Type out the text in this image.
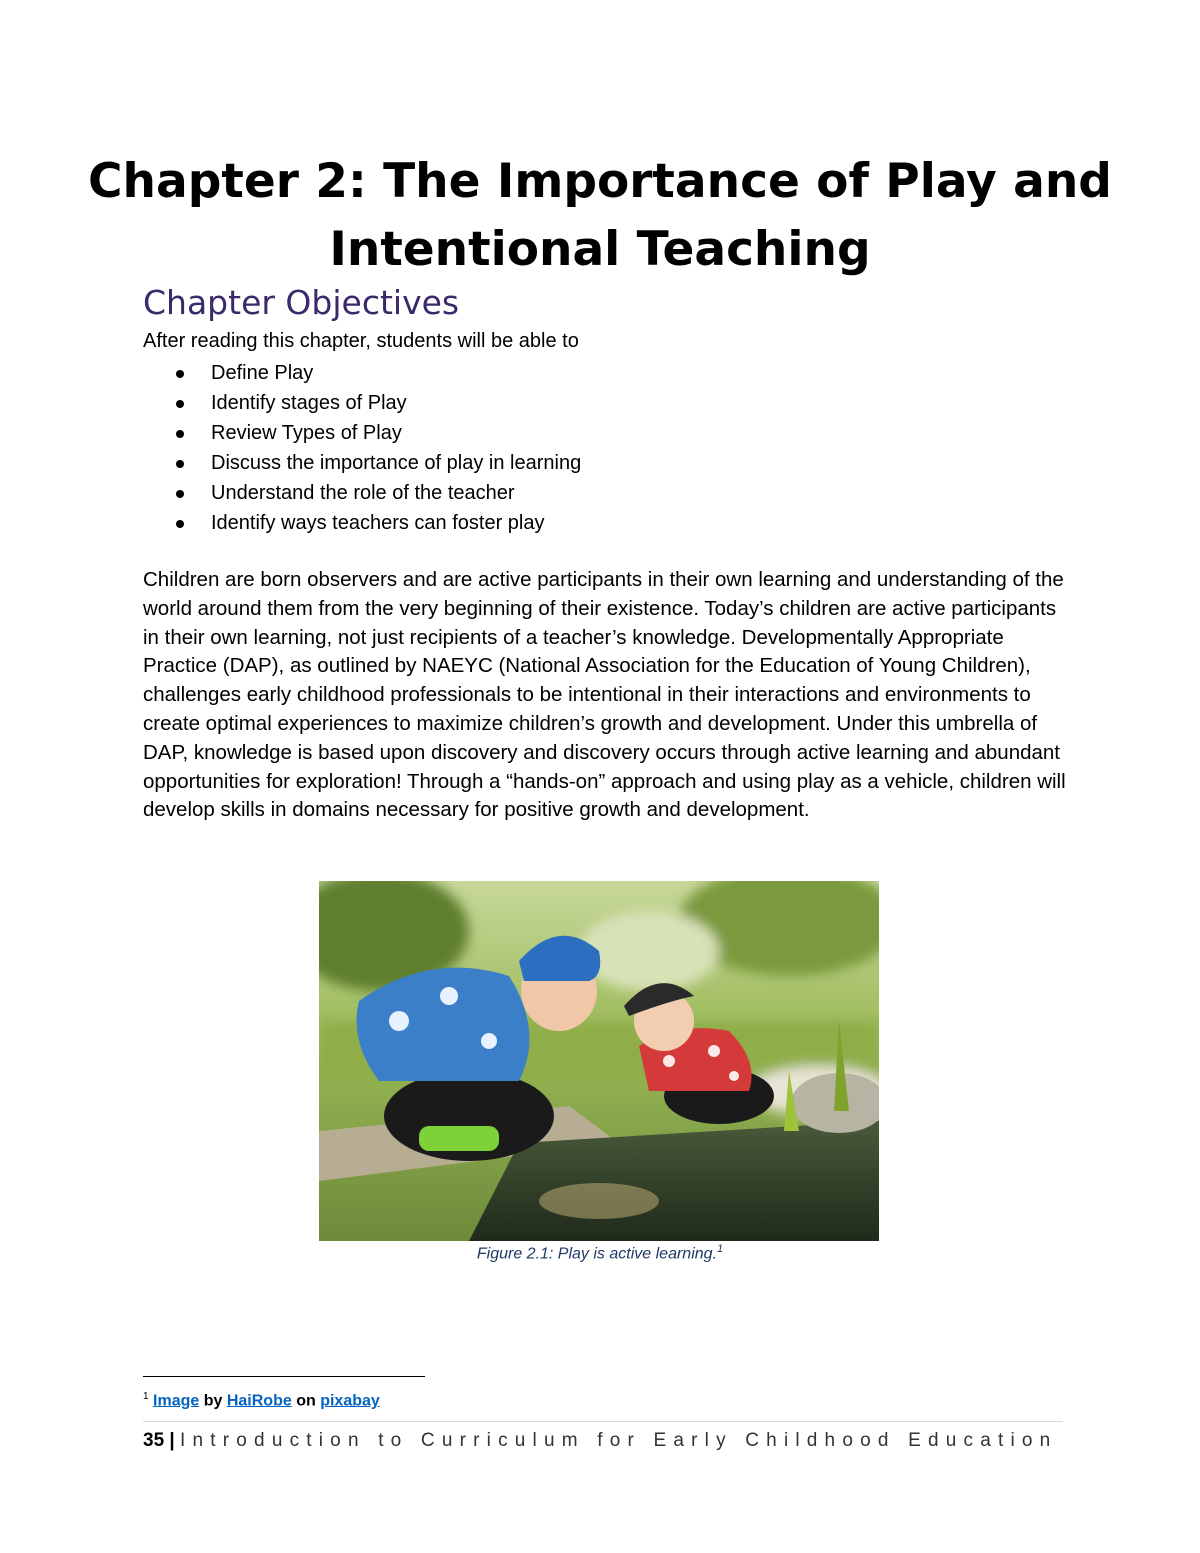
Chapter 2: The Importance of Play and
Intentional Teaching
Chapter Objectives
After reading this chapter, students will be able to
Define Play
Identify stages of Play
Review Types of Play
Discuss the importance of play in learning
Understand the role of the teacher
Identify ways teachers can foster play

Children are born observers and are active participants in their own learning and understanding of the world around them from the very beginning of their existence. Today’s children are active participants in their own learning, not just recipients of a teacher’s knowledge. Developmentally Appropriate Practice (DAP), as outlined by NAEYC (National Association for the Education of Young Children), challenges early childhood professionals to be intentional in their interactions and environments to create optimal experiences to maximize children’s growth and development. Under this umbrella of DAP, knowledge is based upon discovery and discovery occurs through active learning and abundant opportunities for exploration! Through a “hands-on” approach and using play as a vehicle, children will develop skills in domains necessary for positive growth and development.

Figure 2.1: Play is active learning.$^1$
$^1$ Image by HaiRobe on pixabay
35 | Introduction to Curriculum for Early Childhood Education
